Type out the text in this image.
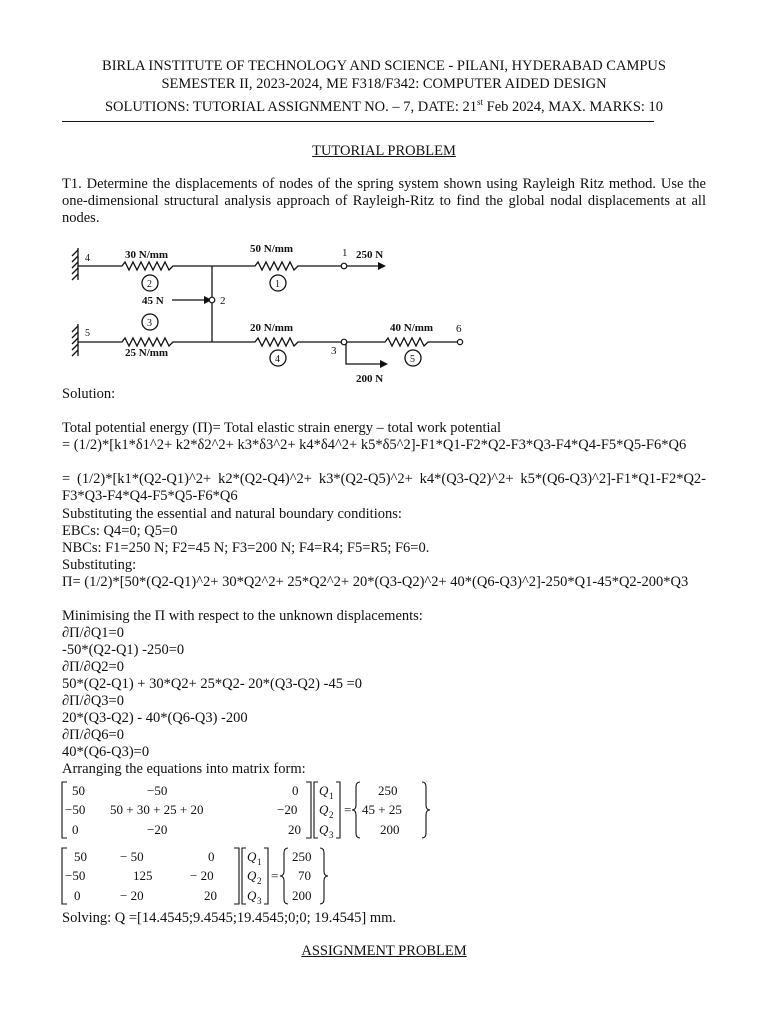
BIRLA INSTITUTE OF TECHNOLOGY AND SCIENCE - PILANI, HYDERABAD CAMPUS
SEMESTER II, 2023-2024, ME F318/F342: COMPUTER AIDED DESIGN
SOLUTIONS: TUTORIAL ASSIGNMENT NO. – 7, DATE: 21st Feb 2024, MAX. MARKS: 10
TUTORIAL PROBLEM
T1. Determine the displacements of nodes of the spring system shown using Rayleigh Ritz method. Use the one-dimensional structural analysis approach of Rayleigh-Ritz to find the global nodal displacements at all nodes.
30 N/mm	50 N/mm
20 N/mm	40 N/mm
25 N/mm
250 N
45 N
200 N
1
2
3
4
5	6
2
3
1
4	5
Solution:
Total potential energy (Π)= Total elastic strain energy – total work potential
= (1/2)*[k1*δ1^2+ k2*δ2^2+ k3*δ3^2+ k4*δ4^2+ k5*δ5^2]-F1*Q1-F2*Q2-F3*Q3-F4*Q4-F5*Q5-F6*Q6
= (1/2)*[k1*(Q2-Q1)^2+ k2*(Q2-Q4)^2+ k3*(Q2-Q5)^2+ k4*(Q3-Q2)^2+ k5*(Q6-Q3)^2]-F1*Q1-F2*Q2-F3*Q3-F4*Q4-F5*Q5-F6*Q6
Substituting the essential and natural boundary conditions:
EBCs: Q4=0; Q5=0
NBCs: F1=250 N; F2=45 N; F3=200 N; F4=R4; F5=R5; F6=0.
Substituting:
Π= (1/2)*[50*(Q2-Q1)^2+ 30*Q2^2+ 25*Q2^2+ 20*(Q3-Q2)^2+ 40*(Q6-Q3)^2]-250*Q1-45*Q2-200*Q3
Minimising the Π with respect to the unknown displacements:
∂Π/∂Q1=0
-50*(Q2-Q1) -250=0
∂Π/∂Q2=0
50*(Q2-Q1) + 30*Q2+ 25*Q2- 20*(Q3-Q2) -45 =0
∂Π/∂Q3=0
20*(Q3-Q2) - 40*(Q6-Q3) -200
∂Π/∂Q6=0
40*(Q6-Q3)=0
Arranging the equations into matrix form:
50	−50	0
−50 50 + 30 + 25 + 20	−20
0	−20	20
Q 1
Q 2
Q 3
=
250
45 + 25
200
50	− 50	0
−50	125	− 20
0	− 20	20
Q 1
Q 2
Q 3
=
250
70
200
Solving: Q =[14.4545;9.4545;19.4545;0;0; 19.4545] mm.
ASSIGNMENT PROBLEM
